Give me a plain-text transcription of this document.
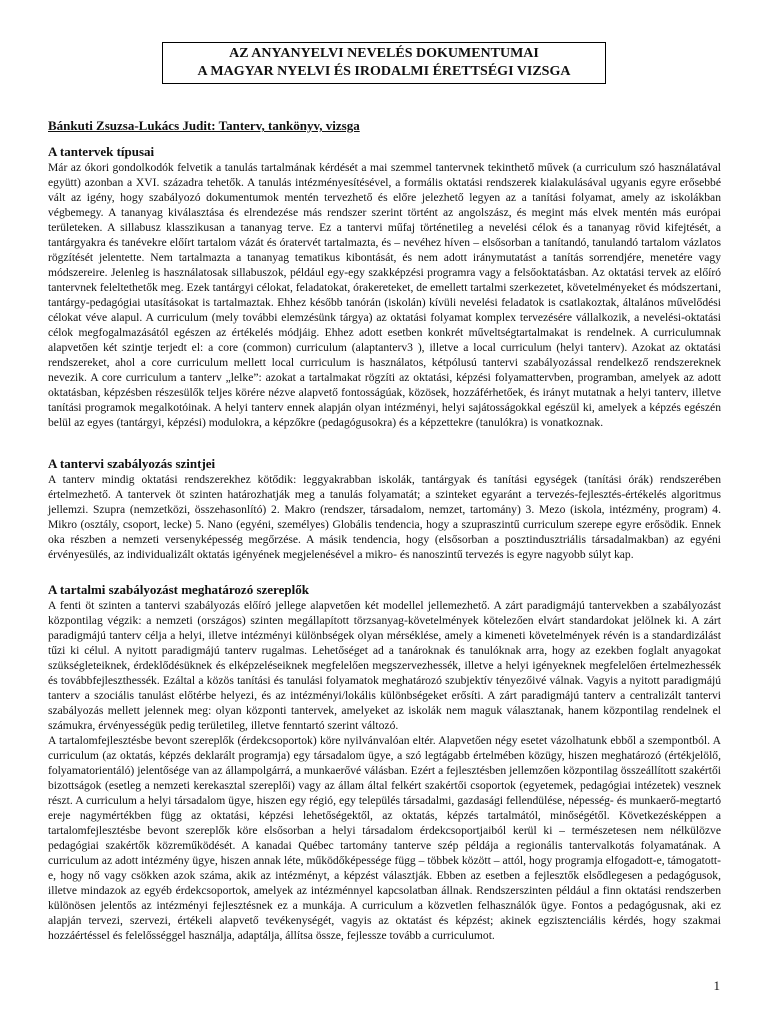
AZ ANYANYELVI NEVELÉS DOKUMENTUMAI
A MAGYAR NYELVI ÉS IRODALMI ÉRETTSÉGI VIZSGA
Bánkuti Zsuzsa-Lukács Judit: Tanterv, tankönyv, vizsga
A tantervek típusai

Már az ókori gondolkodók felvetik a tanulás tartalmának kérdését a mai szemmel tantervnek tekinthető művek (a curriculum szó használatával együtt) azonban a XVI. századra tehetők. A tanulás intézményesítésével, a formális oktatási rendszerek kialakulásával ugyanis egyre erősebbé vált az igény, hogy szabályozó dokumentumok mentén tervezhető és előre jelezhető legyen az a tanítási folyamat, amely az iskolákban végbemegy. A tananyag kiválasztása és elrendezése más rendszer szerint történt az angolszász, és megint más elvek mentén más európai területeken. A sillabusz klasszikusan a tananyag terve. Ez a tantervi műfaj történetileg a nevelési célok és a tananyag rövid kifejtését, a tantárgyakra és tanévekre előírt tartalom vázát és óratervét tartalmazta, és – nevéhez híven – elsősorban a tanítandó, tanulandó tartalom vázlatos rögzítését jelentette. Nem tartalmazta a tananyag tematikus kibontását, és nem adott iránymutatást a tanítás sorrendjére, menetére vagy módszereire. Jelenleg is használatosak sillabuszok, például egy-egy szakképzési programra vagy a felsőoktatásban. Az oktatási tervek az előíró tantervnek feleltethetők meg. Ezek tantárgyi célokat, feladatokat, órakereteket, de emellett tartalmi szerkezetet, követelményeket és módszertani, tantárgy-pedagógiai utasításokat is tartalmaztak. Ehhez később tanórán (iskolán) kívüli nevelési feladatok is csatlakoztak, általános művelődési célokat véve alapul. A curriculum (mely további elemzésünk tárgya) az oktatási folyamat komplex tervezésére vállalkozik, a nevelési-oktatási célok megfogalmazásától egészen az értékelés módjáig. Ehhez adott esetben konkrét műveltségtartalmakat is rendelnek. A curriculumnak alapvetően két szintje terjedt el: a core (common) curriculum (alaptanterv3 ), illetve a local curriculum (helyi tanterv). Azokat az oktatási rendszereket, ahol a core curriculum mellett local curriculum is használatos, kétpólusú tantervi szabályozással rendelkező rendszereknek nevezik. A core curriculum a tanterv „lelke”: azokat a tartalmakat rögzíti az oktatási, képzési folyamattervben, programban, amelyek az adott oktatásban, képzésben részesülők teljes körére nézve alapvető fontosságúak, közösek, hozzáférhetőek, és irányt mutatnak a helyi tanterv, illetve tanítási programok megalkotóinak. A helyi tanterv ennek alapján olyan intézményi, helyi sajátosságokkal egészül ki, amelyek a képzés egészén belül az egyes (tantárgyi, képzési) modulokra, a képzőkre (pedagógusokra) és a képzettekre (tanulókra) is vonatkoznak.

A tantervi szabályozás szintjei

A tanterv mindig oktatási rendszerekhez kötődik: leggyakrabban iskolák, tantárgyak és tanítási egységek (tanítási órák) rendszerében értelmezhető. A tantervek öt szinten határozhatják meg a tanulás folyamatát; a szinteket egyaránt a tervezés-fejlesztés-értékelés algoritmus jellemzi. Szupra (nemzetközi, összehasonlító) 2. Makro (rendszer, társadalom, nemzet, tartomány) 3. Mezo (iskola, intézmény, program) 4. Mikro (osztály, csoport, lecke) 5. Nano (egyéni, személyes) Globális tendencia, hogy a szupraszintű curriculum szerepe egyre erősödik. Ennek oka részben a nemzeti versenyképesség megőrzése. A másik tendencia, hogy (elsősorban a posztindusztriális társadalmakban) az egyéni érvényesülés, az individualizált oktatás igényének megjelenésével a mikro- és nanoszintű tervezés is egyre nagyobb súlyt kap.

A tartalmi szabályozást meghatározó szereplők

A fenti öt szinten a tantervi szabályozás előíró jellege alapvetően két modellel jellemezhető. A zárt paradigmájú tantervekben a szabályozást központilag végzik: a nemzeti (országos) szinten megállapított törzsanyag-követelmények kötelezően elvárt standardokat jelölnek ki. A zárt paradigmájú tanterv célja a helyi, illetve intézményi különbségek olyan mérséklése, amely a kimeneti követelmények révén is a standardizálást tűzi ki célul. A nyitott paradigmájú tanterv rugalmas. Lehetőséget ad a tanároknak és tanulóknak arra, hogy az ezekben foglalt anyagokat szükségleteiknek, érdeklődésüknek és elképzeléseiknek megfelelően megszervezhessék, illetve a helyi igényeknek megfelelően értelmezhessék és továbbfejleszthessék. Ezáltal a közös tanítási és tanulási folyamatok meghatározó szubjektív tényezőivé válnak. Vagyis a nyitott paradigmájú tanterv a szociális tanulást előtérbe helyezi, és az intézményi/lokális különbségeket erősíti. A zárt paradigmájú tanterv a centralizált tantervi szabályozás mellett jelennek meg: olyan központi tantervek, amelyeket az iskolák nem maguk választanak, hanem központilag rendelnek el számukra, érvényességük pedig területileg, illetve fenntartó szerint változó.

A tartalomfejlesztésbe bevont szereplők (érdekcsoportok) köre nyilvánvalóan eltér. Alapvetően négy esetet vázolhatunk ebből a szempontból. A curriculum (az oktatás, képzés deklarált programja) egy társadalom ügye, a szó legtágabb értelmében közügy, hiszen meghatározó (értékjelölő, folyamatorientáló) jelentősége van az állampolgárrá, a munkaerővé válásban. Ezért a fejlesztésben jellemzően központilag összeállított szakértői bizottságok (esetleg a nemzeti kerekasztal szereplői) vagy az állam által felkért szakértői csoportok (egyetemek, pedagógiai intézetek) vesznek részt. A curriculum a helyi társadalom ügye, hiszen egy régió, egy település társadalmi, gazdasági fellendülése, népesség- és munkaerő-megtartó ereje nagymértékben függ az oktatási, képzési lehetőségektől, az oktatás, képzés tartalmától, minőségétől. Következésképpen a tartalomfejlesztésbe bevont szereplők köre elsősorban a helyi társadalom érdekcsoportjaiból kerül ki – természetesen nem nélkülözve pedagógiai szakértők közreműködését. A kanadai Québec tartomány tanterve szép példája a regionális tantervalkotás folyamatának. A curriculum az adott intézmény ügye, hiszen annak léte, működőképessége függ – többek között – attól, hogy programja elfogadott-e, támogatott-e, hogy nő vagy csökken azok száma, akik az intézményt, a képzést választják. Ebben az esetben a fejlesztők elsődlegesen a pedagógusok, illetve mindazok az egyéb érdekcsoportok, amelyek az intézménnyel kapcsolatban állnak. Rendszerszinten például a finn oktatási rendszerben különösen jelentős az intézményi fejlesztésnek ez a munkája. A curriculum a közvetlen felhasználók ügye. Fontos a pedagógusnak, aki ez alapján tervezi, szervezi, értékeli alapvető tevékenységét, vagyis az oktatást és képzést; akinek egzisztenciális kérdés, hogy szakmai hozzáértéssel és felelősséggel használja, adaptálja, állítsa össze, fejlessze tovább a curriculumot.

1
